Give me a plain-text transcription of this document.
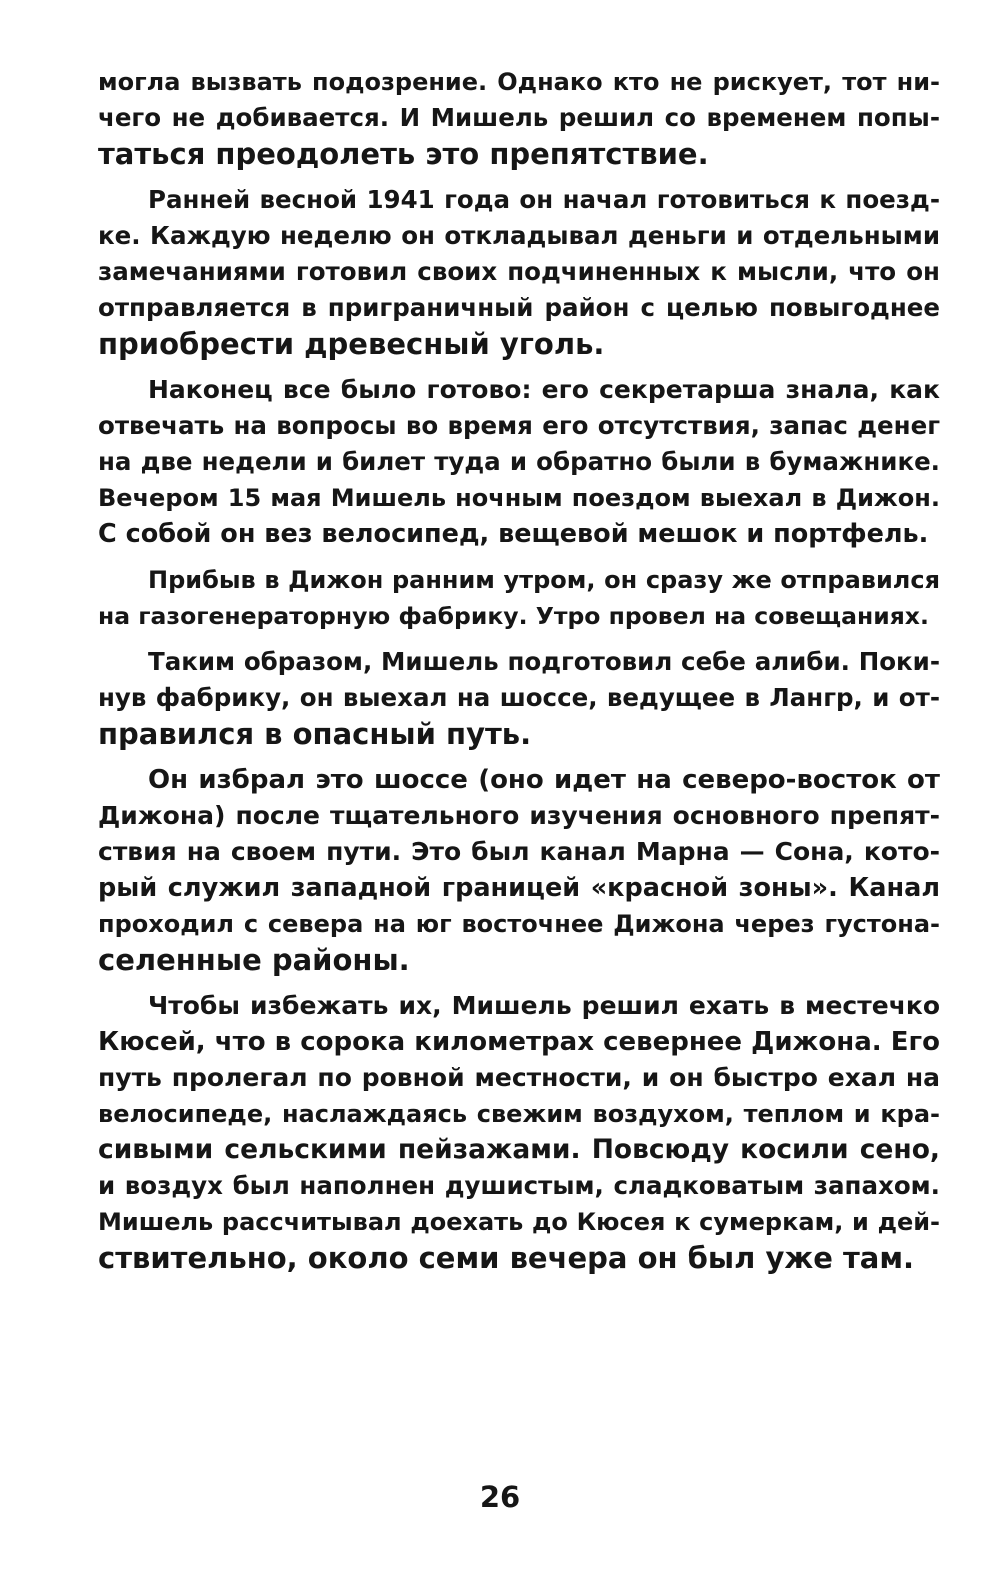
могла вызвать подозрение. Однако кто не рискует, тот ни-
чего не добивается. И Мишель решил со временем попы-
таться преодолеть это препятствие.
Ранней весной 1941 года он начал готовиться к поезд-
ке. Каждую неделю он откладывал деньги и отдельными
замечаниями готовил своих подчиненных к мысли, что он
отправляется в приграничный район с целью повыгоднее
приобрести древесный уголь.
Наконец все было готово: его секретарша знала, как
отвечать на вопросы во время его отсутствия, запас денег
на две недели и билет туда и обратно были в бумажнике.
Вечером 15 мая Мишель ночным поездом выехал в Дижон.
С собой он вез велосипед, вещевой мешок и портфель.
Прибыв в Дижон ранним утром, он сразу же отправился
на газогенераторную фабрику. Утро провел на совещаниях.
Таким образом, Мишель подготовил себе алиби. Поки-
нув фабрику, он выехал на шоссе, ведущее в Лангр, и от-
правился в опасный путь.
Он избрал это шоссе (оно идет на северо-восток от
Дижона) после тщательного изучения основного препят-
ствия на своем пути. Это был канал Марна — Сона, кото-
рый служил западной границей «красной зоны». Канал
проходил с севера на юг восточнее Дижона через густона-
селенные районы.
Чтобы избежать их, Мишель решил ехать в местечко
Кюсей, что в сорока километрах севернее Дижона. Его
путь пролегал по ровной местности, и он быстро ехал на
велосипеде, наслаждаясь свежим воздухом, теплом и кра-
сивыми сельскими пейзажами. Повсюду косили сено,
и воздух был наполнен душистым, сладковатым запахом.
Мишель рассчитывал доехать до Кюсея к сумеркам, и дей-
ствительно, около семи вечера он был уже там.
26
